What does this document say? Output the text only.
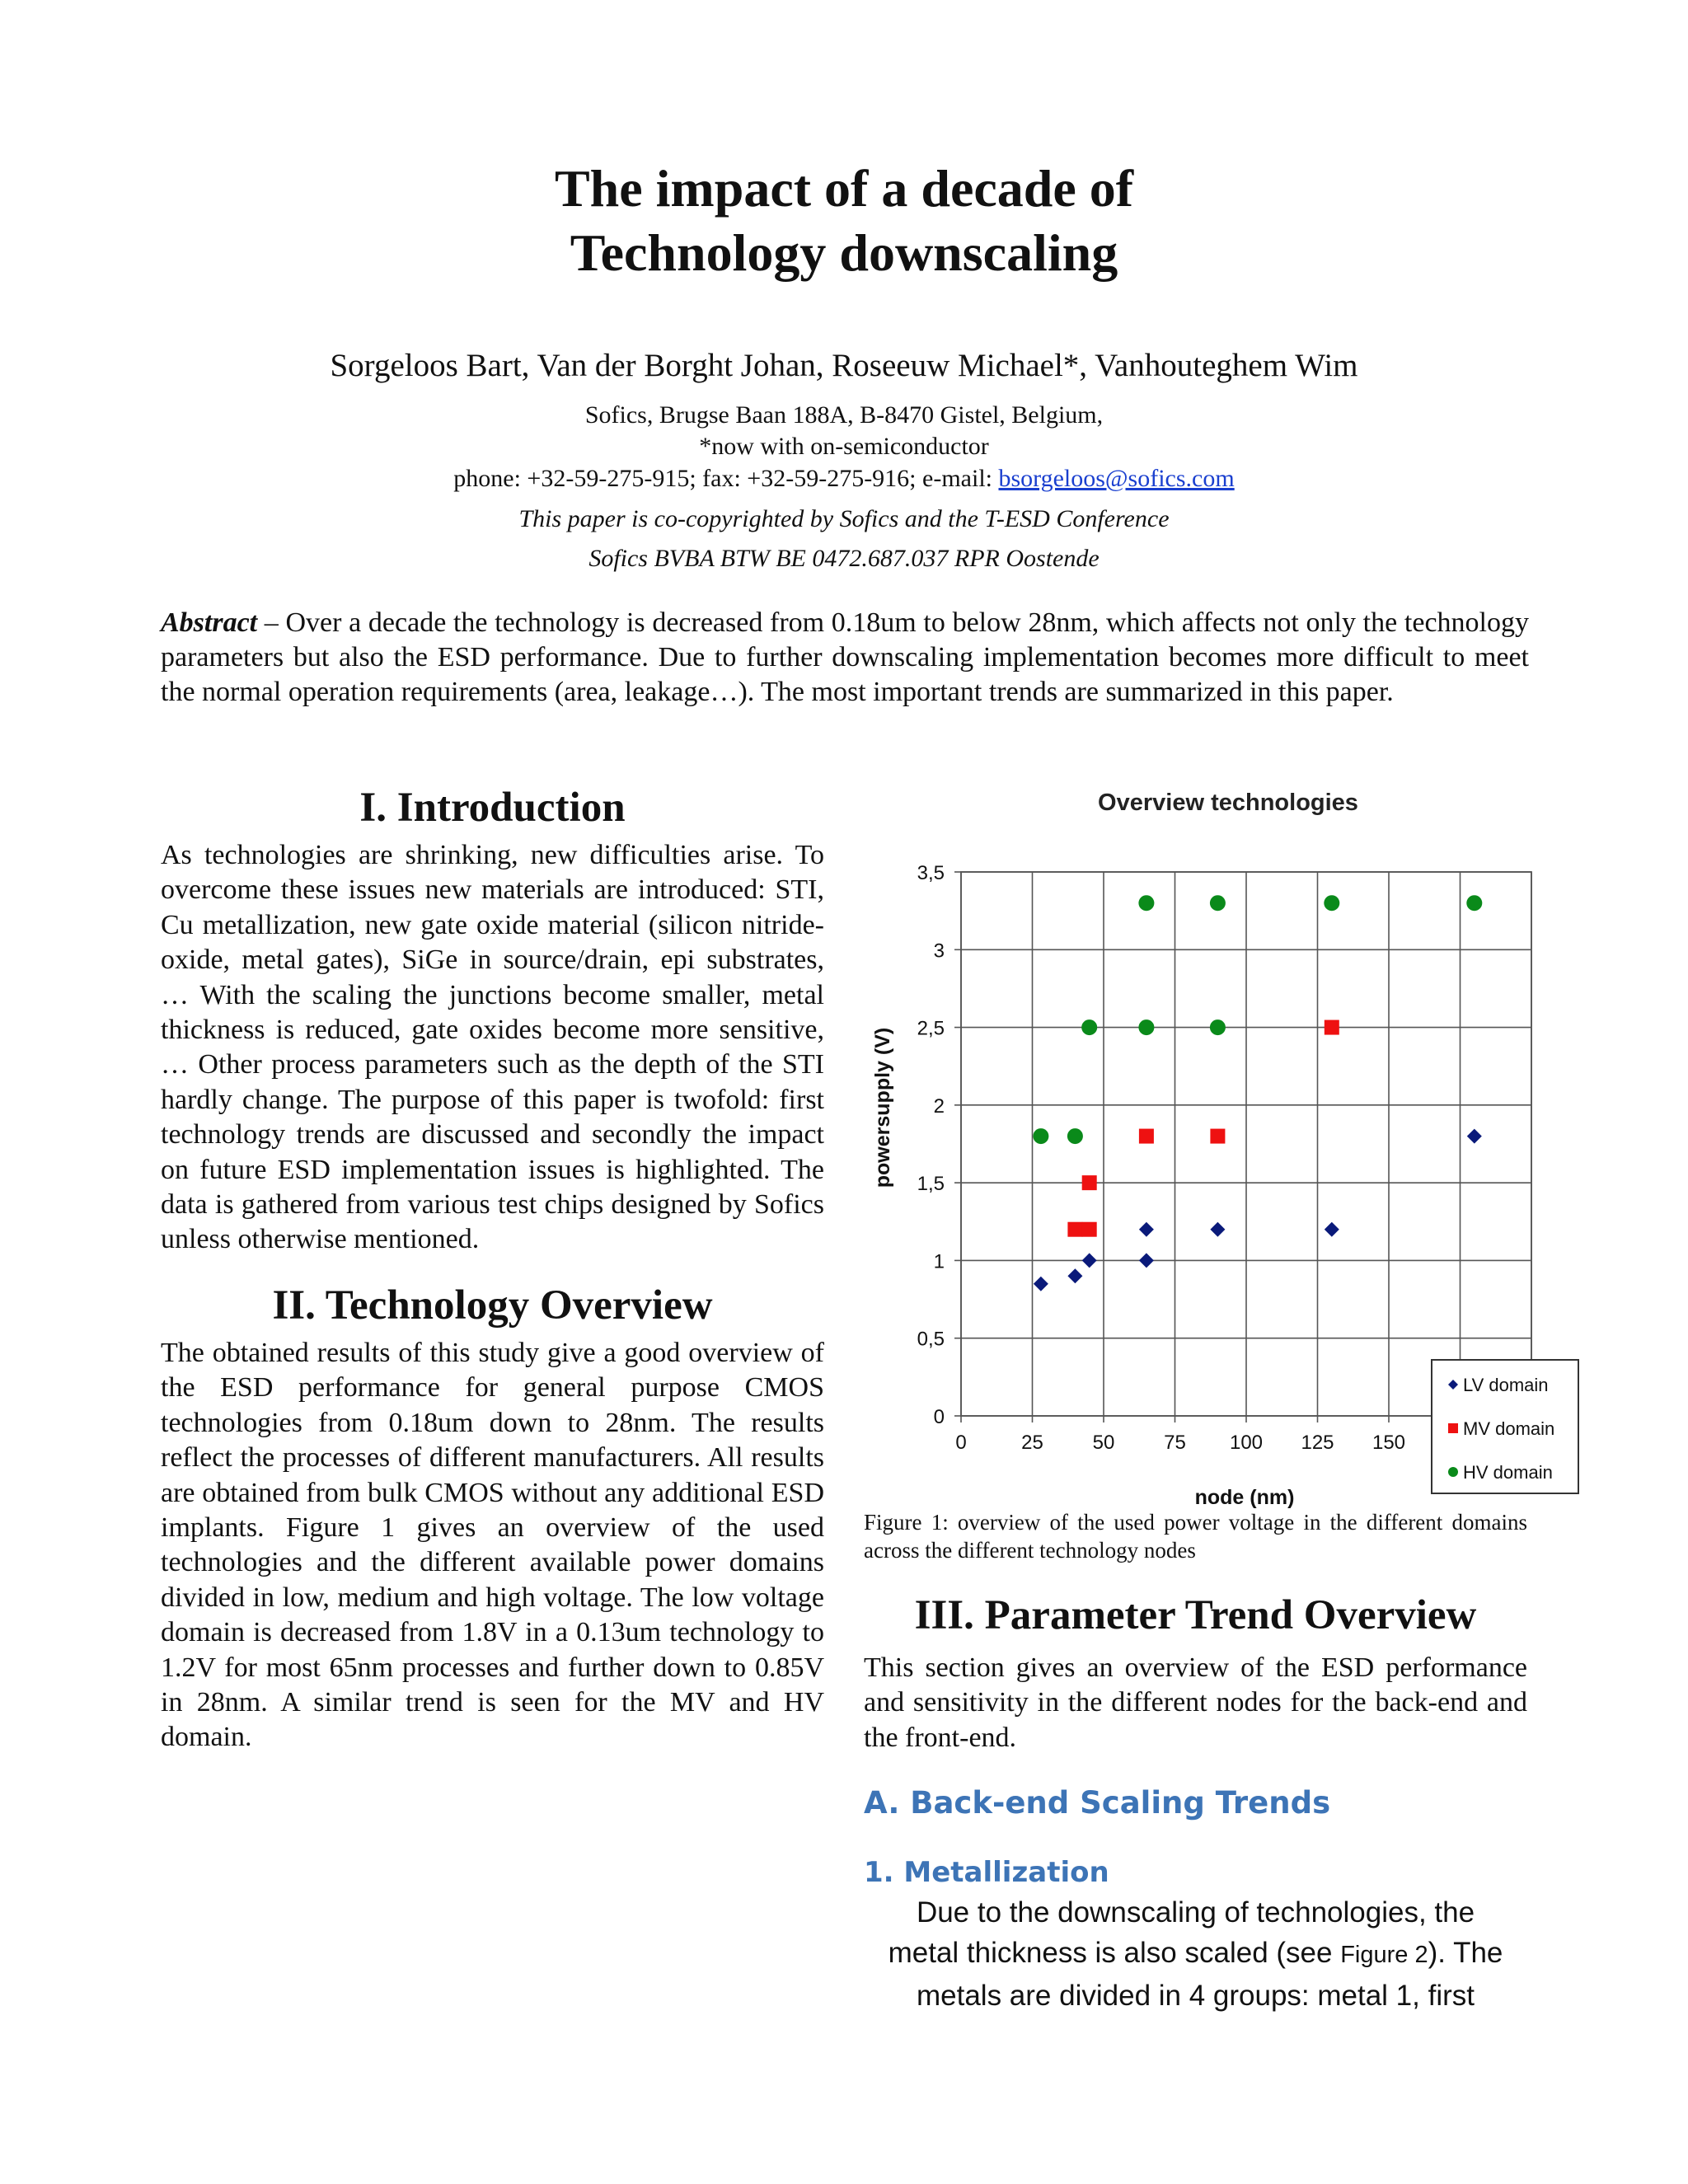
The impact of a decade of
Technology downscaling
Sorgeloos Bart, Van der Borght Johan, Roseeuw Michael*, Vanhouteghem Wim
Sofics, Brugse Baan 188A, B-8470 Gistel, Belgium,
*now with on-semiconductor
phone: +32-59-275-915; fax: +32-59-275-916; e-mail: bsorgeloos@sofics.com
This paper is co-copyrighted by Sofics and the T-ESD Conference
Sofics BVBA BTW BE 0472.687.037 RPR Oostende
Abstract – Over a decade the technology is decreased from 0.18um to below 28nm, which affects not only the technology parameters but also the ESD performance. Due to further downscaling implementation becomes more difficult to meet the normal operation requirements (area, leakage…). The most important trends are summarized in this paper.
I. Introduction

As technologies are shrinking, new difficulties arise. To overcome these issues new materials are introduced: STI, Cu metallization, new gate oxide material (silicon nitride-oxide, metal gates), SiGe in source/drain, epi substrates, … With the scaling the junctions become smaller, metal thickness is reduced, gate oxides become more sensitive, … Other process parameters such as the depth of the STI hardly change. The purpose of this paper is twofold: first technology trends are discussed and secondly the impact on future ESD implementation issues is highlighted. The data is gathered from various test chips designed by Sofics unless otherwise mentioned.

II. Technology Overview

The obtained results of this study give a good overview of the ESD performance for general purpose CMOS technologies from 0.18um down to 28nm. The results reflect the processes of different manufacturers. All results are obtained from bulk CMOS without any additional ESD implants. Figure 1 gives an overview of the used technologies and the different available power domains divided in low, medium and high voltage. The low voltage domain is decreased from 1.8V in a 0.13um technology to 1.2V for most 65nm processes and further down to 0.85V in 28nm. A similar trend is seen for the MV and HV domain.

Overview technologies
0
0,5
1
1,5
2
2,5
3
3,5
0	25 50 75 100 125 150
powersupply (V)
node (nm)
LV domain
MV domain
HV domain
Figure 1: overview of the used power voltage in the different domains across the different technology nodes
III. Parameter Trend Overview
This section gives an overview of the ESD performance and sensitivity in the different nodes for the back-end and the front-end.
A. Back-end Scaling Trends
1. Metallization
Due to the downscaling of technologies, the
metal thickness is also scaled (see Figure 2). The
metals are divided in 4 groups: metal 1, first
